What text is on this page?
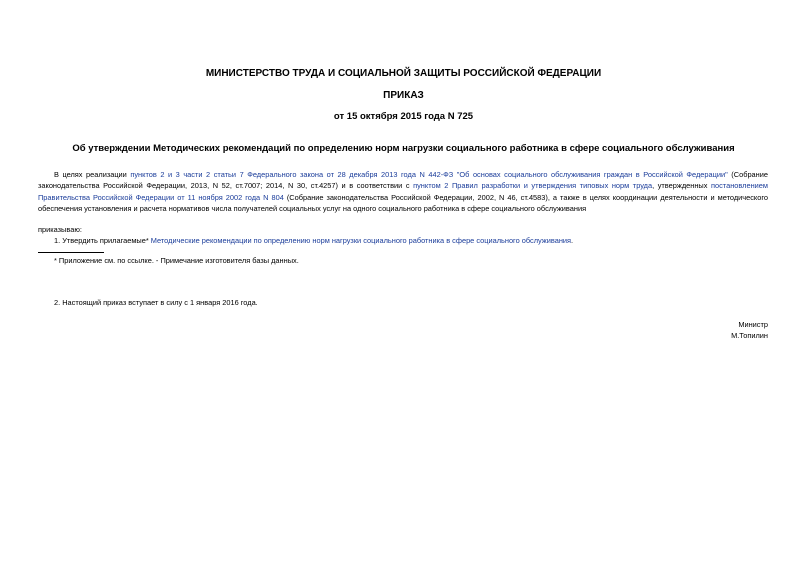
МИНИСТЕРСТВО ТРУДА И СОЦИАЛЬНОЙ ЗАЩИТЫ РОССИЙСКОЙ ФЕДЕРАЦИИ
ПРИКАЗ
от 15 октября 2015 года N 725
Об утверждении Методических рекомендаций по определению норм нагрузки социального работника в сфере социального обслуживания
В целях реализации пунктов 2 и 3 части 2 статьи 7 Федерального закона от 28 декабря 2013 года N 442-ФЗ "Об основах социального обслуживания граждан в Российской Федерации" (Собрание законодательства Российской Федерации, 2013, N 52, ст.7007; 2014, N 30, ст.4257) и в соответствии с пунктом 2 Правил разработки и утверждения типовых норм труда, утвержденных постановлением Правительства Российской Федерации от 11 ноября 2002 года N 804 (Собрание законодательства Российской Федерации, 2002, N 46, ст.4583), а также в целях координации деятельности и методического обеспечения установления и расчета нормативов числа получателей социальных услуг на одного социального работника в сфере социального обслуживания
приказываю:
1. Утвердить прилагаемые* Методические рекомендации по определению норм нагрузки социального работника в сфере социального обслуживания.
* Приложение см. по ссылке. - Примечание изготовителя базы данных.
2. Настоящий приказ вступает в силу с 1 января 2016 года.
Министр
М.Топилин
